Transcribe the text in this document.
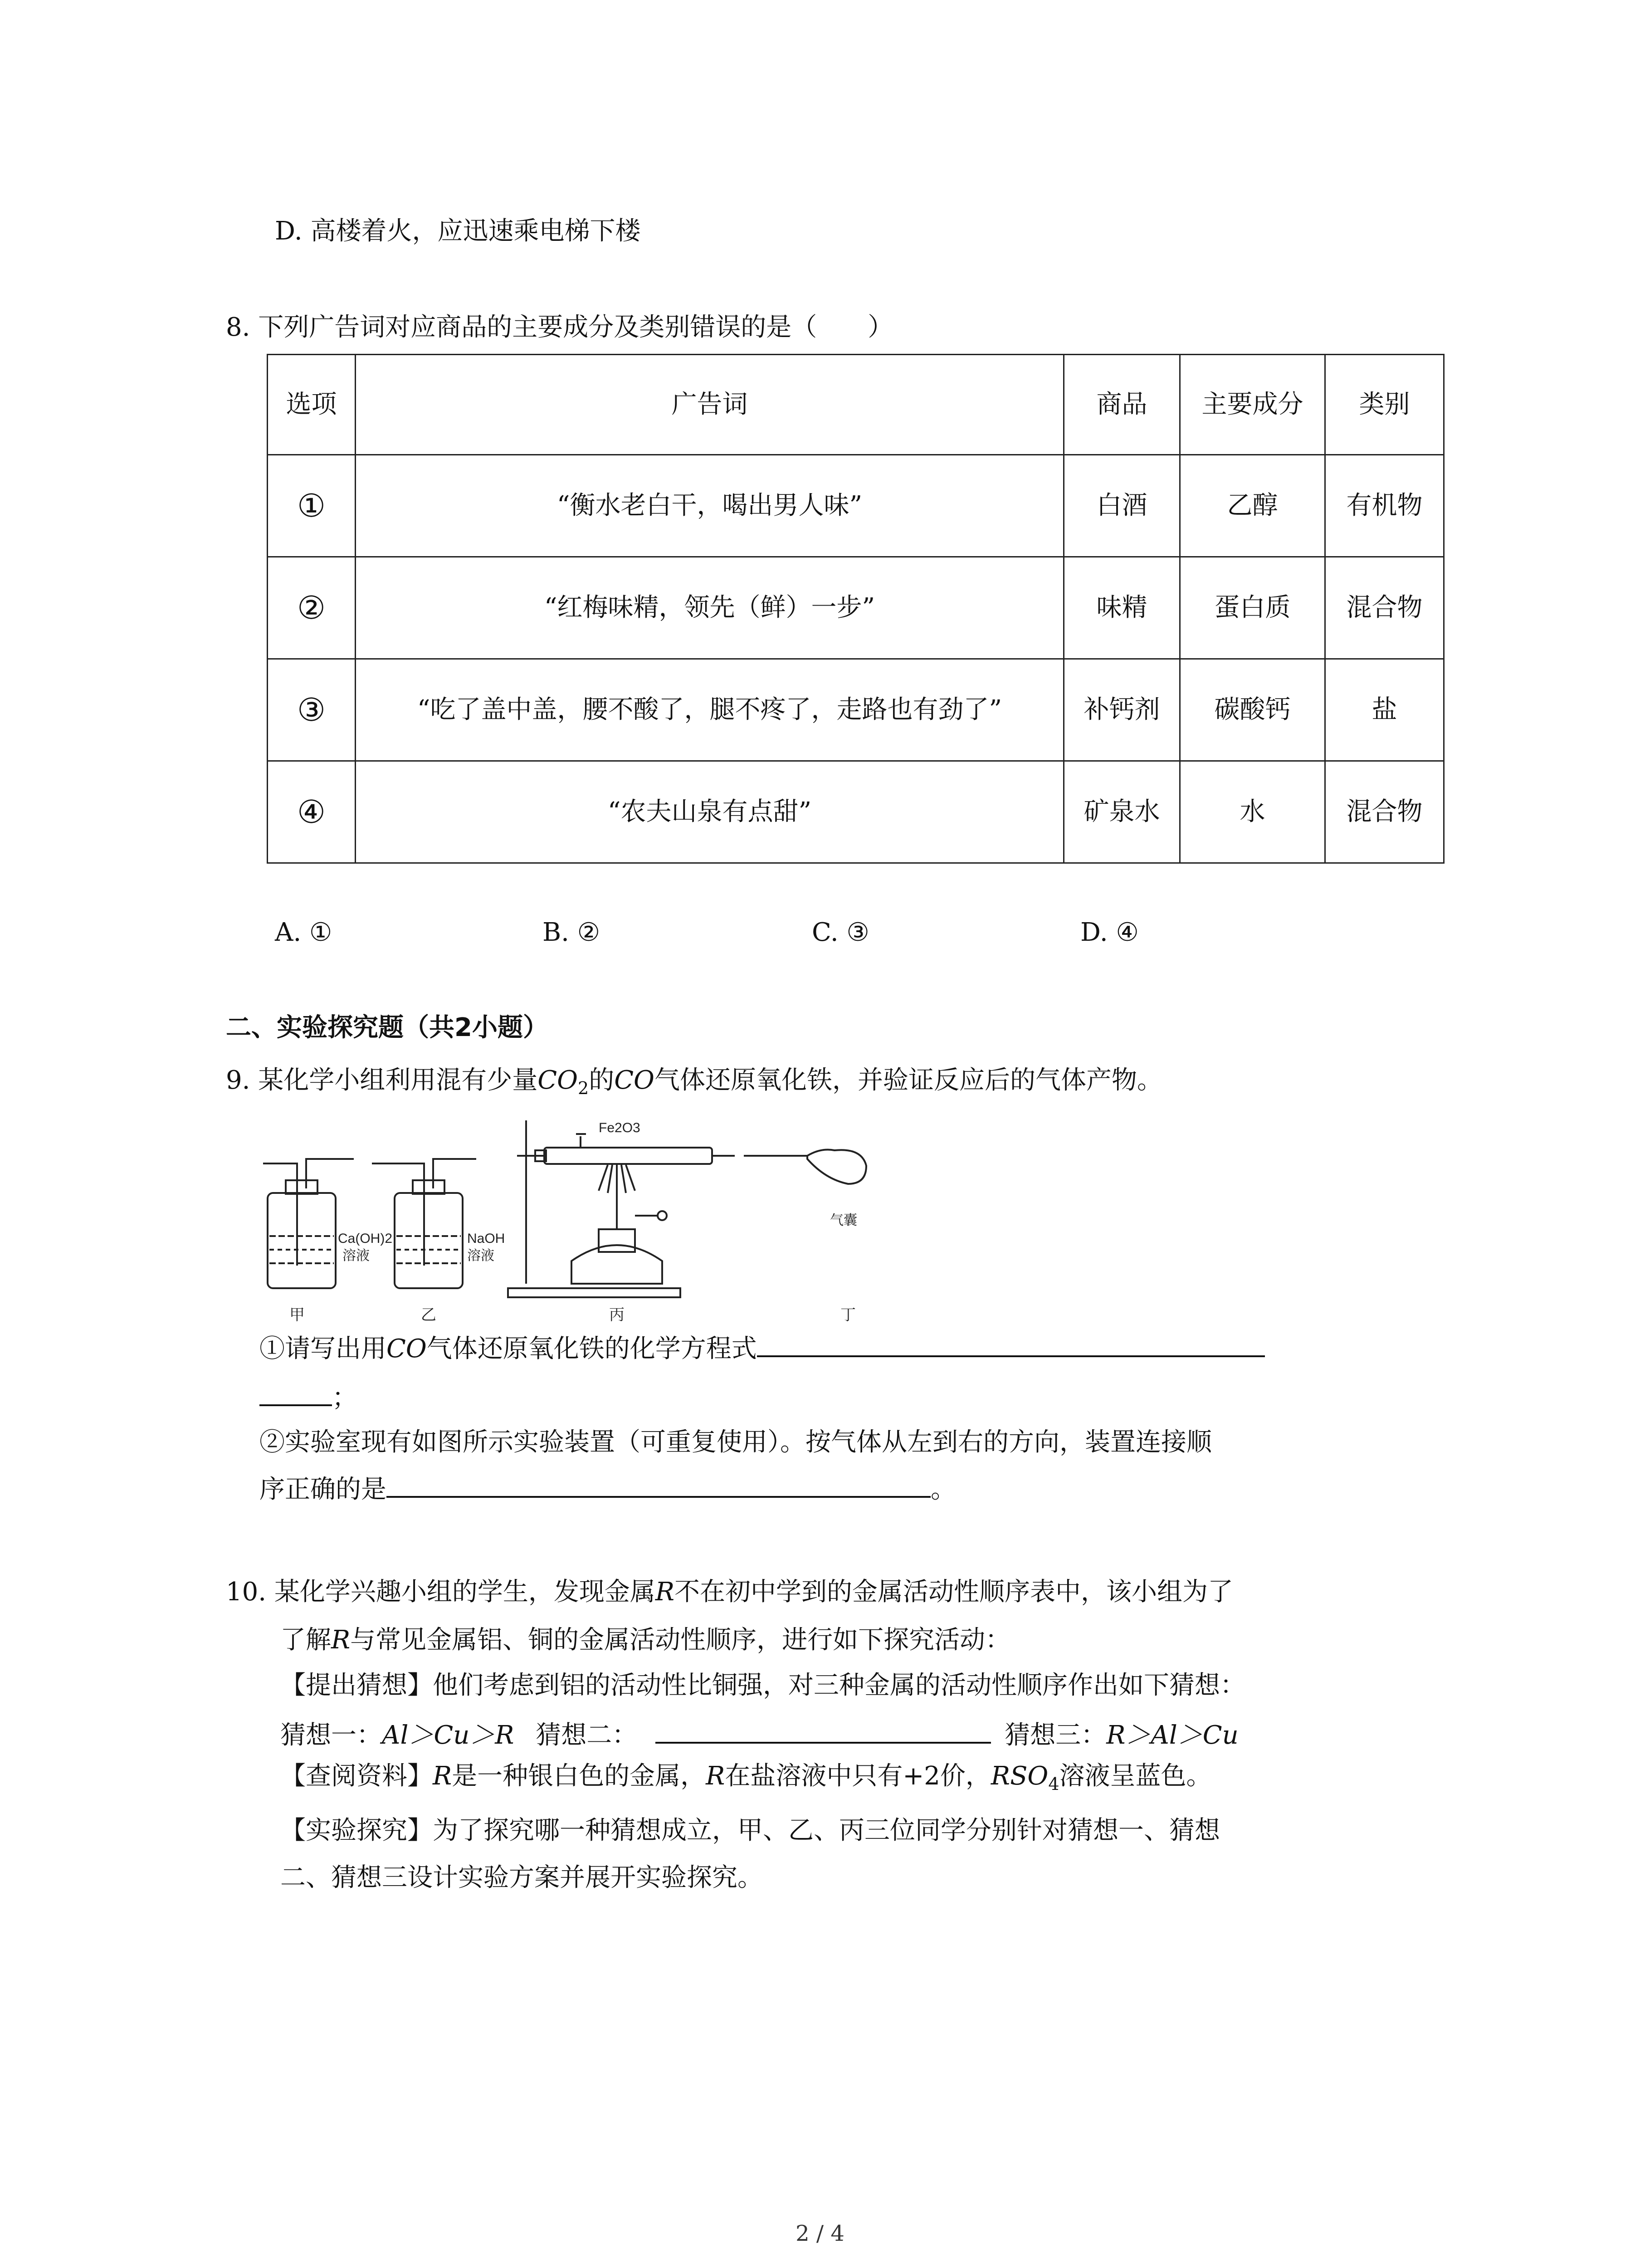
D. 高楼着火，应迅速乘电梯下楼
8. 下列广告词对应商品的主要成分及类别错误的是（　　）
选项	广告词	商品	主要成分	类别
①	“衡水老白干，喝出男人味”	白酒	乙醇	有机物
②	“红梅味精，领先（鲜）一步”	味精	蛋白质	混合物
③	“吃了盖中盖，腰不酸了，腿不疼了，走路也有劲了”	补钙剂	碳酸钙	盐
④	“农夫山泉有点甜”	矿泉水	水	混合物
A. ①	B. ②	C. ③	D. ④
二、实验探究题（共2小题）
9. 某化学小组利用混有少量$CO_2$的CO气体还原氧化铁，并验证反应后的气体产物。
Fe2O3
Ca(OH)2
溶液
NaOH
溶液
气囊
甲	乙	丙	丁
①请写出用CO气体还原氧化铁的化学方程式
；
②实验室现有如图所示实验装置（可重复使用）。按气体从左到右的方向，装置连接顺
序正确的是	。
10. 某化学兴趣小组的学生，发现金属R不在初中学到的金属活动性顺序表中，该小组为了
了解R与常见金属铝、铜的金属活动性顺序，进行如下探究活动：
【提出猜想】他们考虑到铝的活动性比铜强，对三种金属的活动性顺序作出如下猜想：
猜想一：Al＞Cu＞R 猜想二：	猜想三：R＞Al＞Cu
【查阅资料】R是一种银白色的金属，R在盐溶液中只有+2价，$RSO_4$溶液呈蓝色。
【实验探究】为了探究哪一种猜想成立，甲、乙、丙三位同学分别针对猜想一、猜想
二、猜想三设计实验方案并展开实验探究。
2 / 4
